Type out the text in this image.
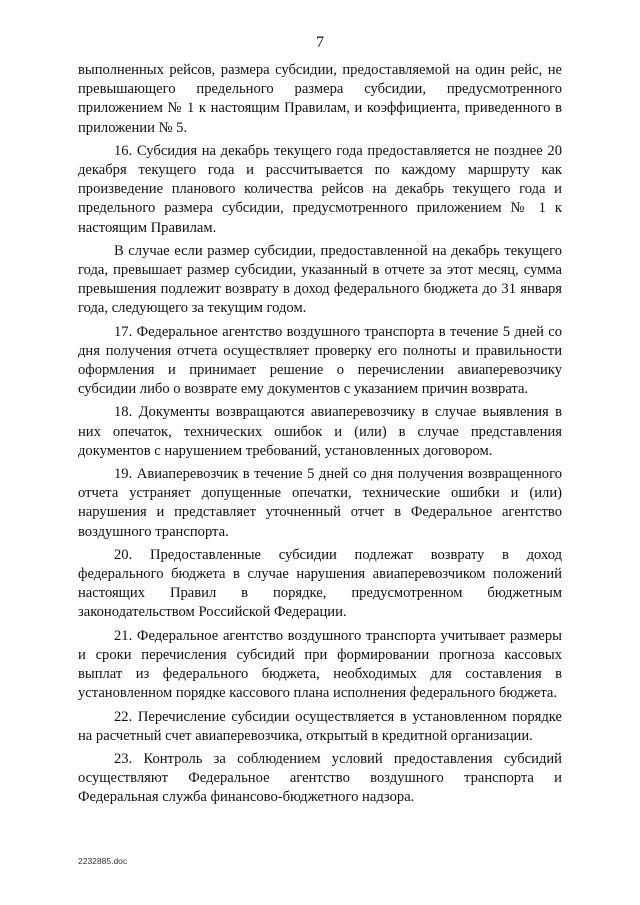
7

выполненных рейсов, размера субсидии, предоставляемой на один рейс, не превышающего предельного размера субсидии, предусмотренного приложением № 1 к настоящим Правилам, и коэффициента, приведенного в приложении № 5.

16. Субсидия на декабрь текущего года предоставляется не позднее 20 декабря текущего года и рассчитывается по каждому маршруту как произведение планового количества рейсов на декабрь текущего года и предельного размера субсидии, предусмотренного приложением № 1 к настоящим Правилам.

В случае если размер субсидии, предоставленной на декабрь текущего года, превышает размер субсидии, указанный в отчете за этот месяц, сумма превышения подлежит возврату в доход федерального бюджета до 31 января года, следующего за текущим годом.

17. Федеральное агентство воздушного транспорта в течение 5 дней со дня получения отчета осуществляет проверку его полноты и правильности оформления и принимает решение о перечислении авиаперевозчику субсидии либо о возврате ему документов с указанием причин возврата.

18. Документы возвращаются авиаперевозчику в случае выявления в них опечаток, технических ошибок и (или) в случае представления документов с нарушением требований, установленных договором.

19. Авиаперевозчик в течение 5 дней со дня получения возвращенного отчета устраняет допущенные опечатки, технические ошибки и (или) нарушения и представляет уточненный отчет в Федеральное агентство воздушного транспорта.

20. Предоставленные субсидии подлежат возврату в доход федерального бюджета в случае нарушения авиаперевозчиком положений настоящих Правил в порядке, предусмотренном бюджетным законодательством Российской Федерации.

21. Федеральное агентство воздушного транспорта учитывает размеры и сроки перечисления субсидий при формировании прогноза кассовых выплат из федерального бюджета, необходимых для составления в установленном порядке кассового плана исполнения федерального бюджета.

22. Перечисление субсидии осуществляется в установленном порядке на расчетный счет авиаперевозчика, открытый в кредитной организации.

23. Контроль за соблюдением условий предоставления субсидий осуществляют Федеральное агентство воздушного транспорта и Федеральная служба финансово-бюджетного надзора.

2232885.doc
